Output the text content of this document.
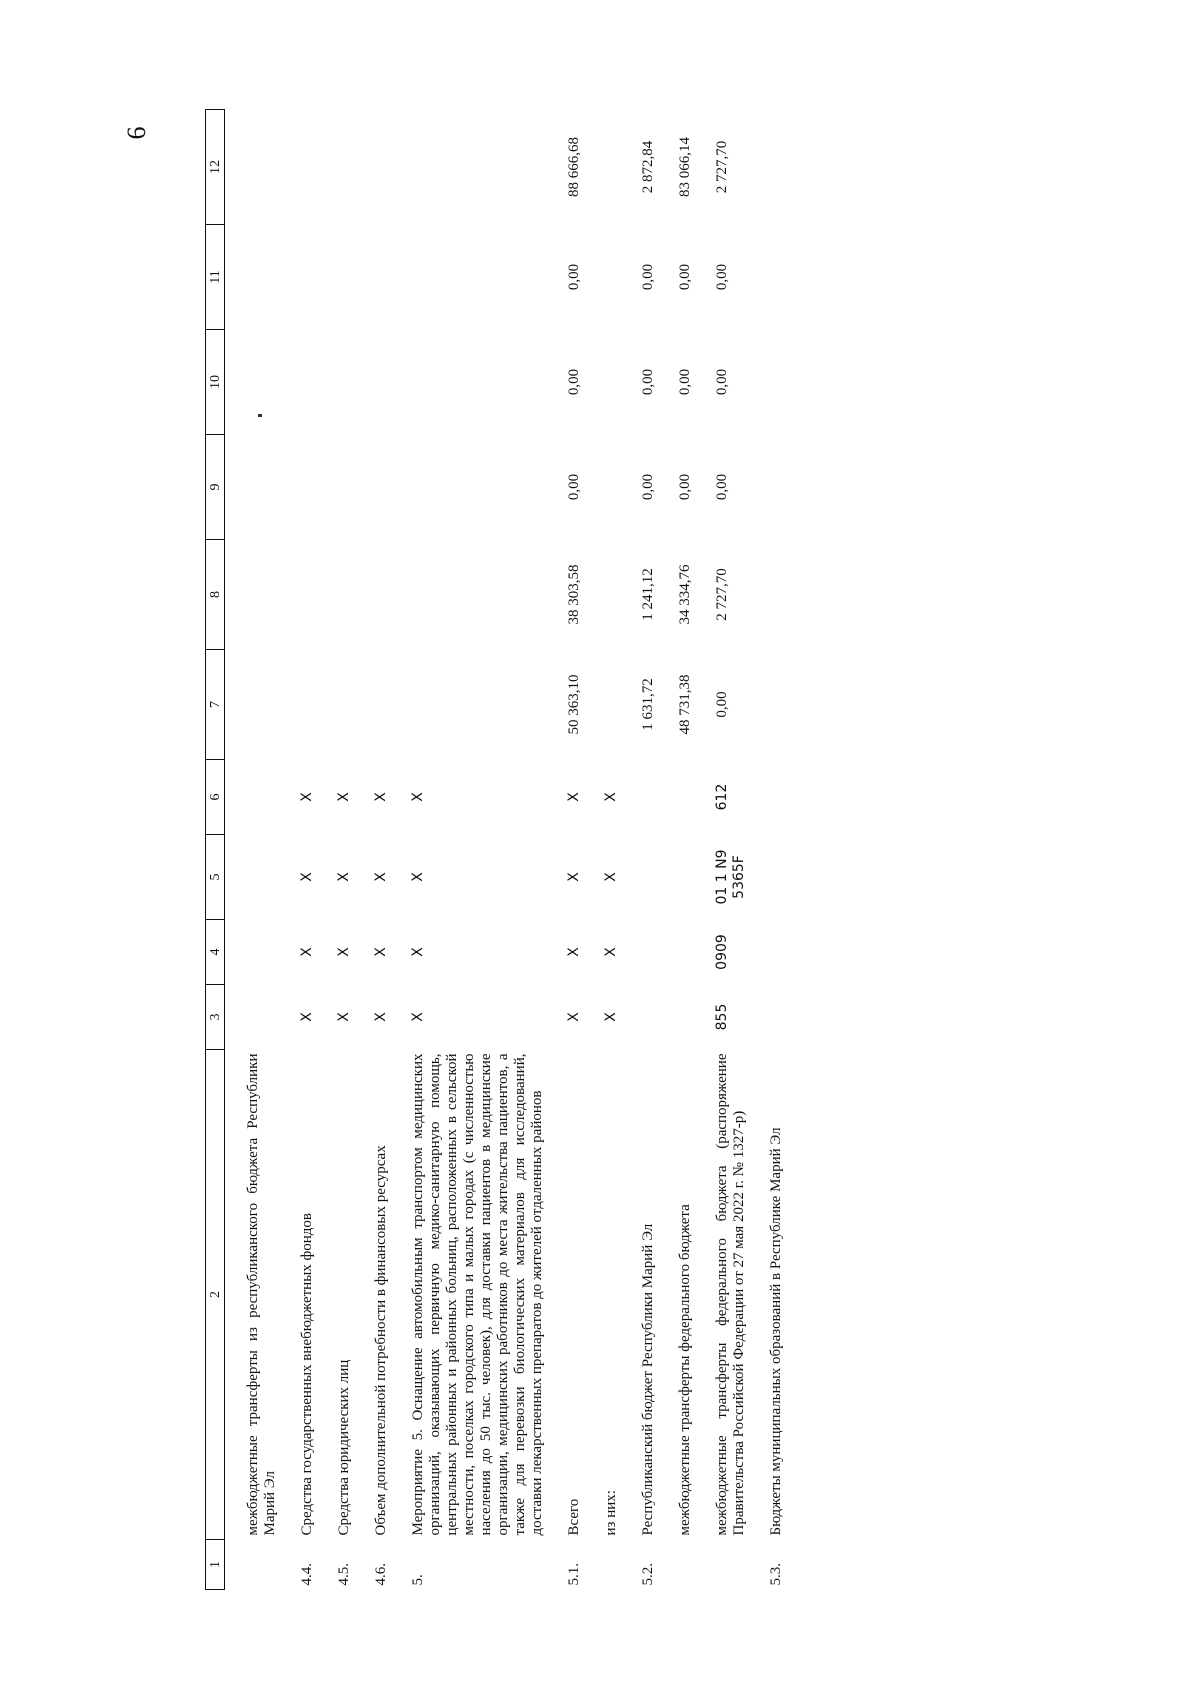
6
1	2	3	4	5	6	7	8	9	10	11	12

	межбюджетные трансферты из республиканского бюджета Республики Марий Эл										

4.4.	Средства государственных внебюджетных фондов	Х	Х	Х	Х						

4.5.	Средства юридических лиц	Х	Х	Х	Х						

4.6.	Объем дополнительной потребности в финансовых ресурсах	Х	Х	Х	Х						

5.	Мероприятие 5. Оснащение автомобильным транспортом медицинских организаций, оказывающих первичную медико-санитарную помощь, центральных районных и районных больниц, расположенных в сельской местности, поселках городского типа и малых городах (с численностью населения до 50 тыс. человек), для доставки пациентов в медицинские организации, медицинских работников до места жительства пациентов, а также для перевозки биологических материалов для исследований, доставки лекарственных препаратов до жителей отдаленных районов	Х	Х	Х	Х						

5.1.	Всего	Х	Х	Х	Х	50 363,10	38 303,58	0,00	0,00	0,00	88 666,68

	из них:	Х	Х	Х	Х						

5.2.	Республиканский бюджет Республики Марий Эл					1 631,72	1 241,12	0,00	0,00	0,00	2 872,84

	межбюджетные трансферты федерального бюджета					48 731,38	34 334,76	0,00	0,00	0,00	83 066,14

	межбюджетные трансферты федерального бюджета (распоряжение Правительства Российской Федерации от 27 мая 2022 г. № 1327-р)	855	0909	01 1 N9 5365F	612	0,00	2 727,70	0,00	0,00	0,00	2 727,70

5.3.	Бюджеты муниципальных образований в Республике Марий Эл										
